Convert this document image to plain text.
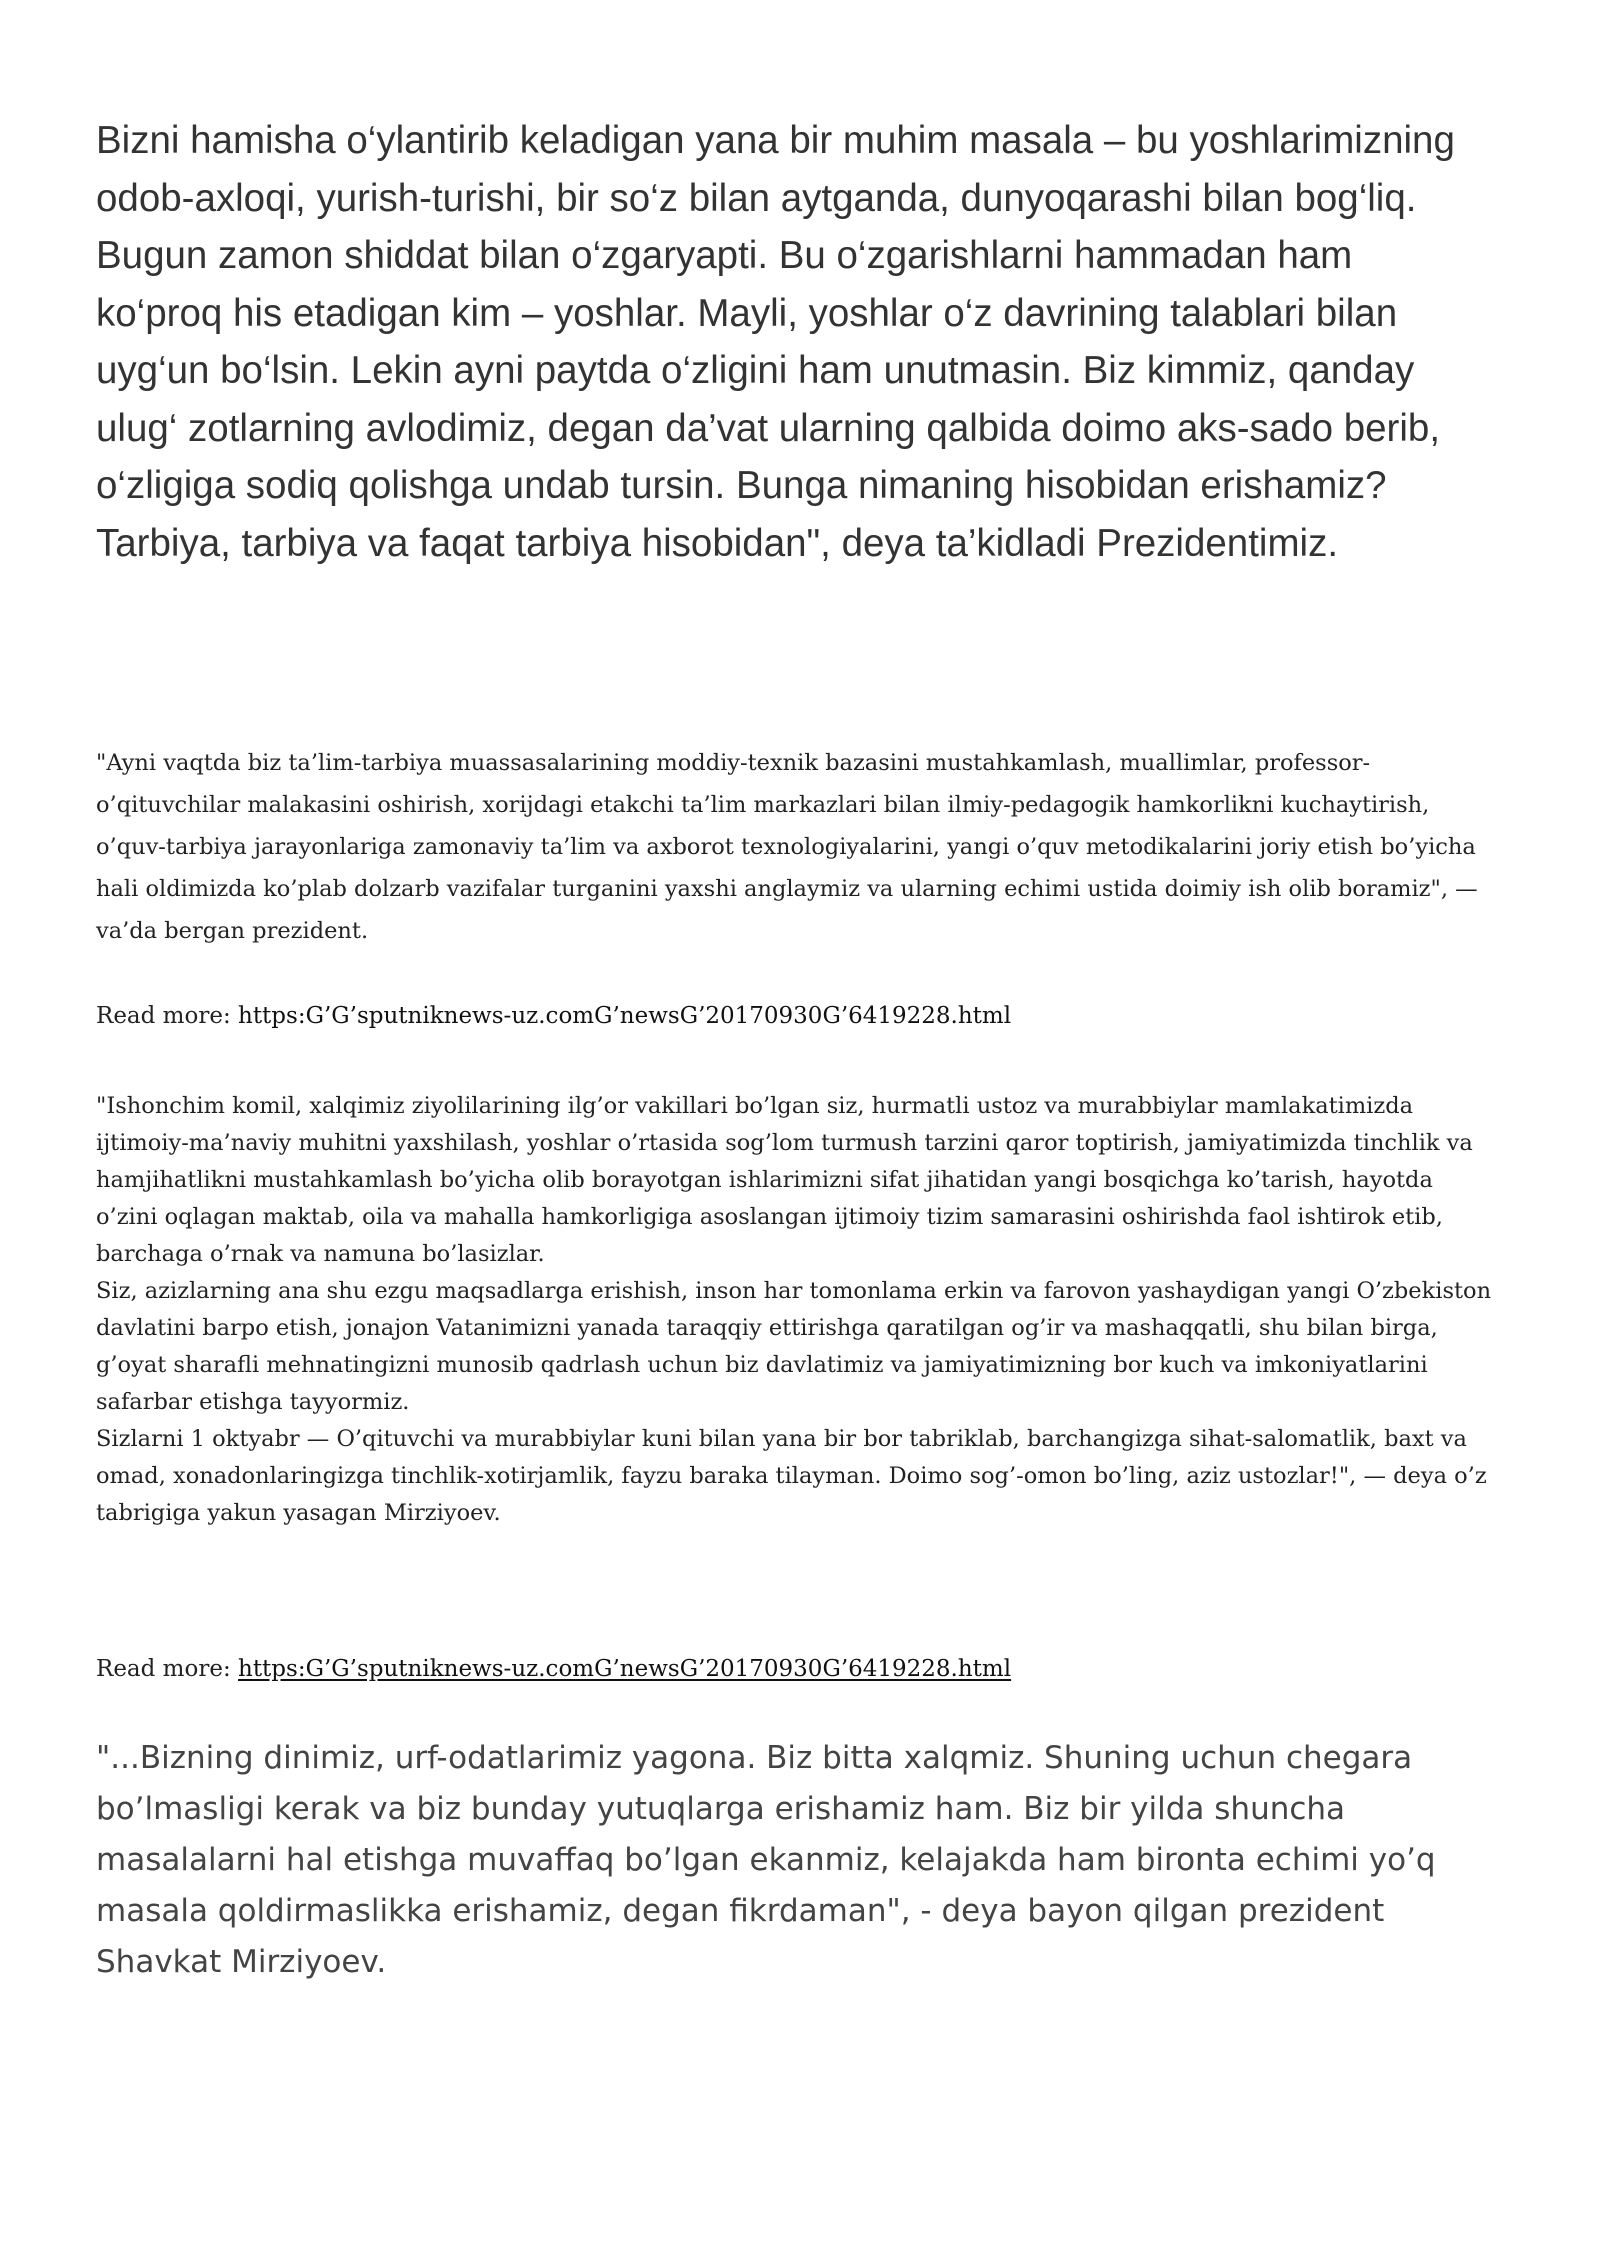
Bizni hamisha o‘ylantirib keladigan yana bir muhim masala – bu yoshlarimizning odob-axloqi, yurish-turishi, bir so‘z bilan aytganda, dunyoqarashi bilan bog‘liq. Bugun zamon shiddat bilan o‘zgaryapti. Bu o‘zgarishlarni hammadan ham ko‘proq his etadigan kim – yoshlar. Mayli, yoshlar o‘z davrining talablari bilan uyg‘un bo‘lsin. Lekin ayni paytda o‘zligini ham unutmasin. Biz kimmiz, qanday ulug‘ zotlarning avlodimiz, degan da’vat ularning qalbida doimo aks-sado berib, o‘zligiga sodiq qolishga undab tursin. Bunga nimaning hisobidan erishamiz? Tarbiya, tarbiya va faqat tarbiya hisobidan", deya ta’kidladi Prezidentimiz.

"Ayni vaqtda biz ta’lim-tarbiya muassasalarining moddiy-texnik bazasini mustahkamlash, muallimlar, professor-o’qituvchilar malakasini oshirish, xorijdagi etakchi ta’lim markazlari bilan ilmiy-pedagogik hamkorlikni kuchaytirish, o’quv-tarbiya jarayonlariga zamonaviy ta’lim va axborot texnologiyalarini, yangi o’quv metodikalarini joriy etish bo’yicha hali oldimizda ko’plab dolzarb vazifalar turganini yaxshi anglaymiz va ularning echimi ustida doimiy ish olib boramiz", — va’da bergan prezident.

Read more: https:G’G’sputniknews-uz.comG’newsG’20170930G’6419228.html

"Ishonchim komil, xalqimiz ziyolilarining ilg’or vakillari bo’lgan siz, hurmatli ustoz va murabbiylar mamlakatimizda ijtimoiy-ma’naviy muhitni yaxshilash, yoshlar o’rtasida sog’lom turmush tarzini qaror toptirish, jamiyatimizda tinchlik va hamjihatlikni mustahkamlash bo’yicha olib borayotgan ishlarimizni sifat jihatidan yangi bosqichga ko’tarish, hayotda o’zini oqlagan maktab, oila va mahalla hamkorligiga asoslangan ijtimoiy tizim samarasini oshirishda faol ishtirok etib, barchaga o’rnak va namuna bo’lasizlar.
Siz, azizlarning ana shu ezgu maqsadlarga erishish, inson har tomonlama erkin va farovon yashaydigan yangi O’zbekiston davlatini barpo etish, jonajon Vatanimizni yanada taraqqiy ettirishga qaratilgan og’ir va mashaqqatli, shu bilan birga, g’oyat sharafli mehnatingizni munosib qadrlash uchun biz davlatimiz va jamiyatimizning bor kuch va imkoniyatlarini safarbar etishga tayyormiz.
Sizlarni 1 oktyabr — O’qituvchi va murabbiylar kuni bilan yana bir bor tabriklab, barchangizga sihat-salomatlik, baxt va omad, xonadonlaringizga tinchlik-xotirjamlik, fayzu baraka tilayman. Doimo sog’-omon bo’ling, aziz ustozlar!", — deya o’z tabrigiga yakun yasagan Mirziyoev.

Read more: https:G’G’sputniknews-uz.comG’newsG’20170930G’6419228.html

"...Bizning dinimiz, urf-odatlarimiz yagona. Biz bitta xalqmiz. Shuning uchun chegara bo’lmasligi kerak va biz bunday yutuqlarga erishamiz ham. Biz bir yilda shuncha masalalarni hal etishga muvaffaq bo’lgan ekanmiz, kelajakda ham bironta echimi yo’q masala qoldirmaslikka erishamiz, degan fikrdaman", - deya bayon qilgan prezident Shavkat Mirziyoev.
